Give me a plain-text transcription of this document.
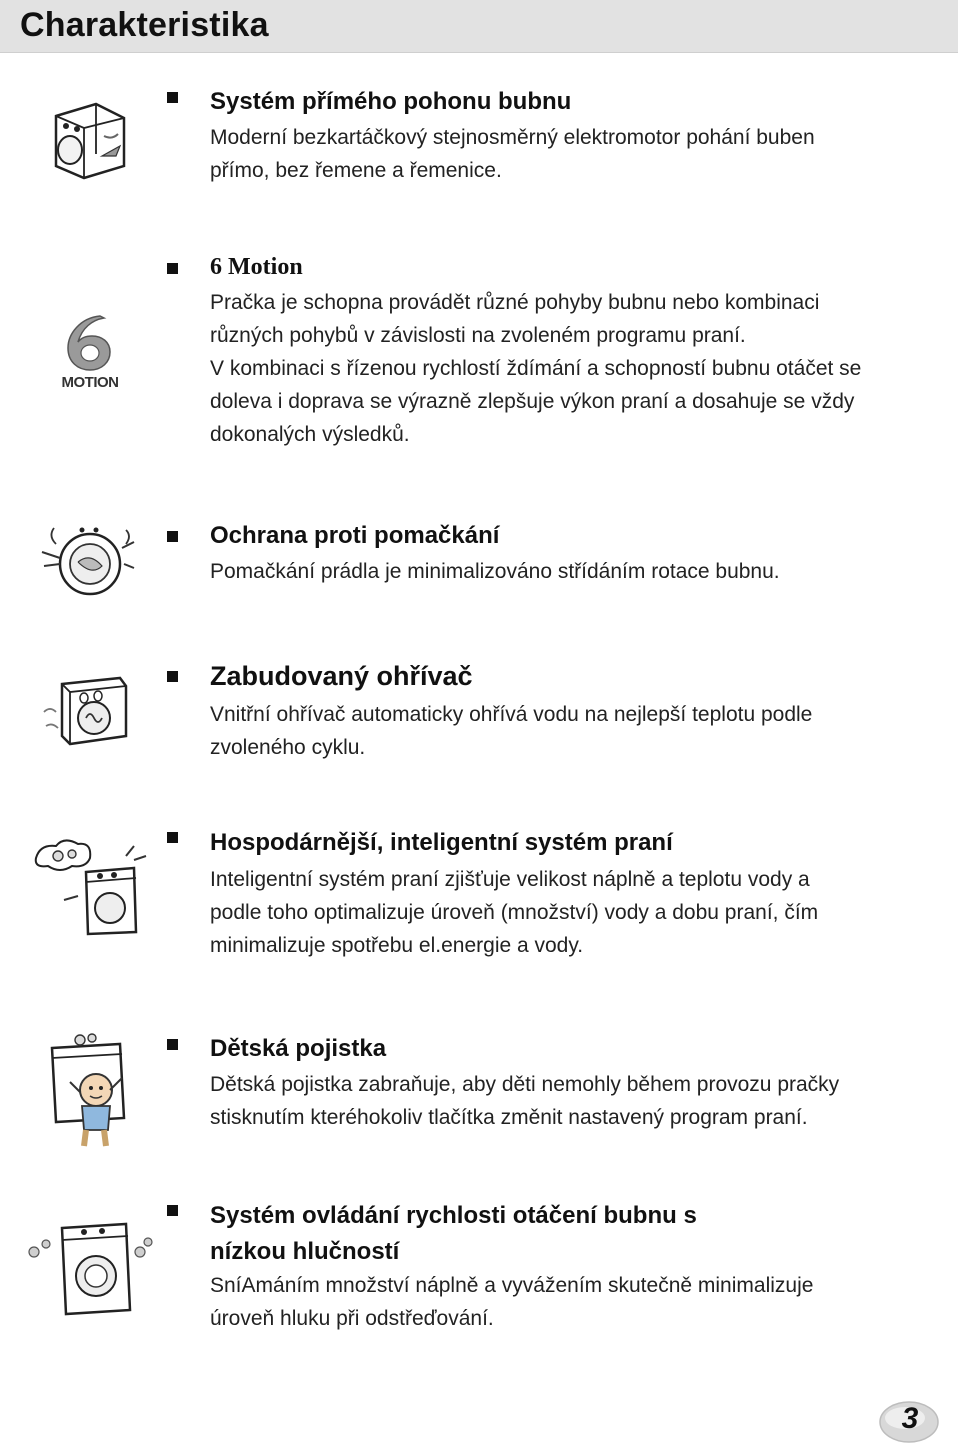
Charakteristika
Systém přímého pohonu bubnu

Moderní bezkartáčkový stejnosměrný elektromotor pohání buben
přímo, bez řemene a řemenice.

MOTION
6 Motion

Pračka je schopna provádět různé pohyby bubnu nebo kombinaci
různých pohybů v závislosti na zvoleném programu praní.
V kombinaci s řízenou rychlostí ždímání a schopností bubnu otáčet se
doleva i doprava se výrazně zlepšuje výkon praní a dosahuje se vždy
dokonalých výsledků.

Ochrana proti pomačkání

Pomačkání prádla je minimalizováno střídáním rotace bubnu.

Zabudovaný ohřívač

Vnitřní ohřívač automaticky ohřívá vodu na nejlepší teplotu podle
zvoleného cyklu.

Hospodárnější, inteligentní systém praní

Inteligentní systém praní zjišťuje velikost náplně a teplotu vody a
podle toho optimalizuje úroveň (množství) vody a dobu praní, čím
minimalizuje spotřebu el.energie a vody.

Dětská pojistka

Dětská pojistka zabraňuje, aby děti nemohly během provozu pračky
stisknutím kteréhokoliv tlačítka změnit nastavený program praní.

Systém ovládání rychlosti otáčení bubnu s
nízkou hlučností

SníAmáním množství náplně a vyvážením skutečně minimalizuje
úroveň hluku při odstřeďování.

3
